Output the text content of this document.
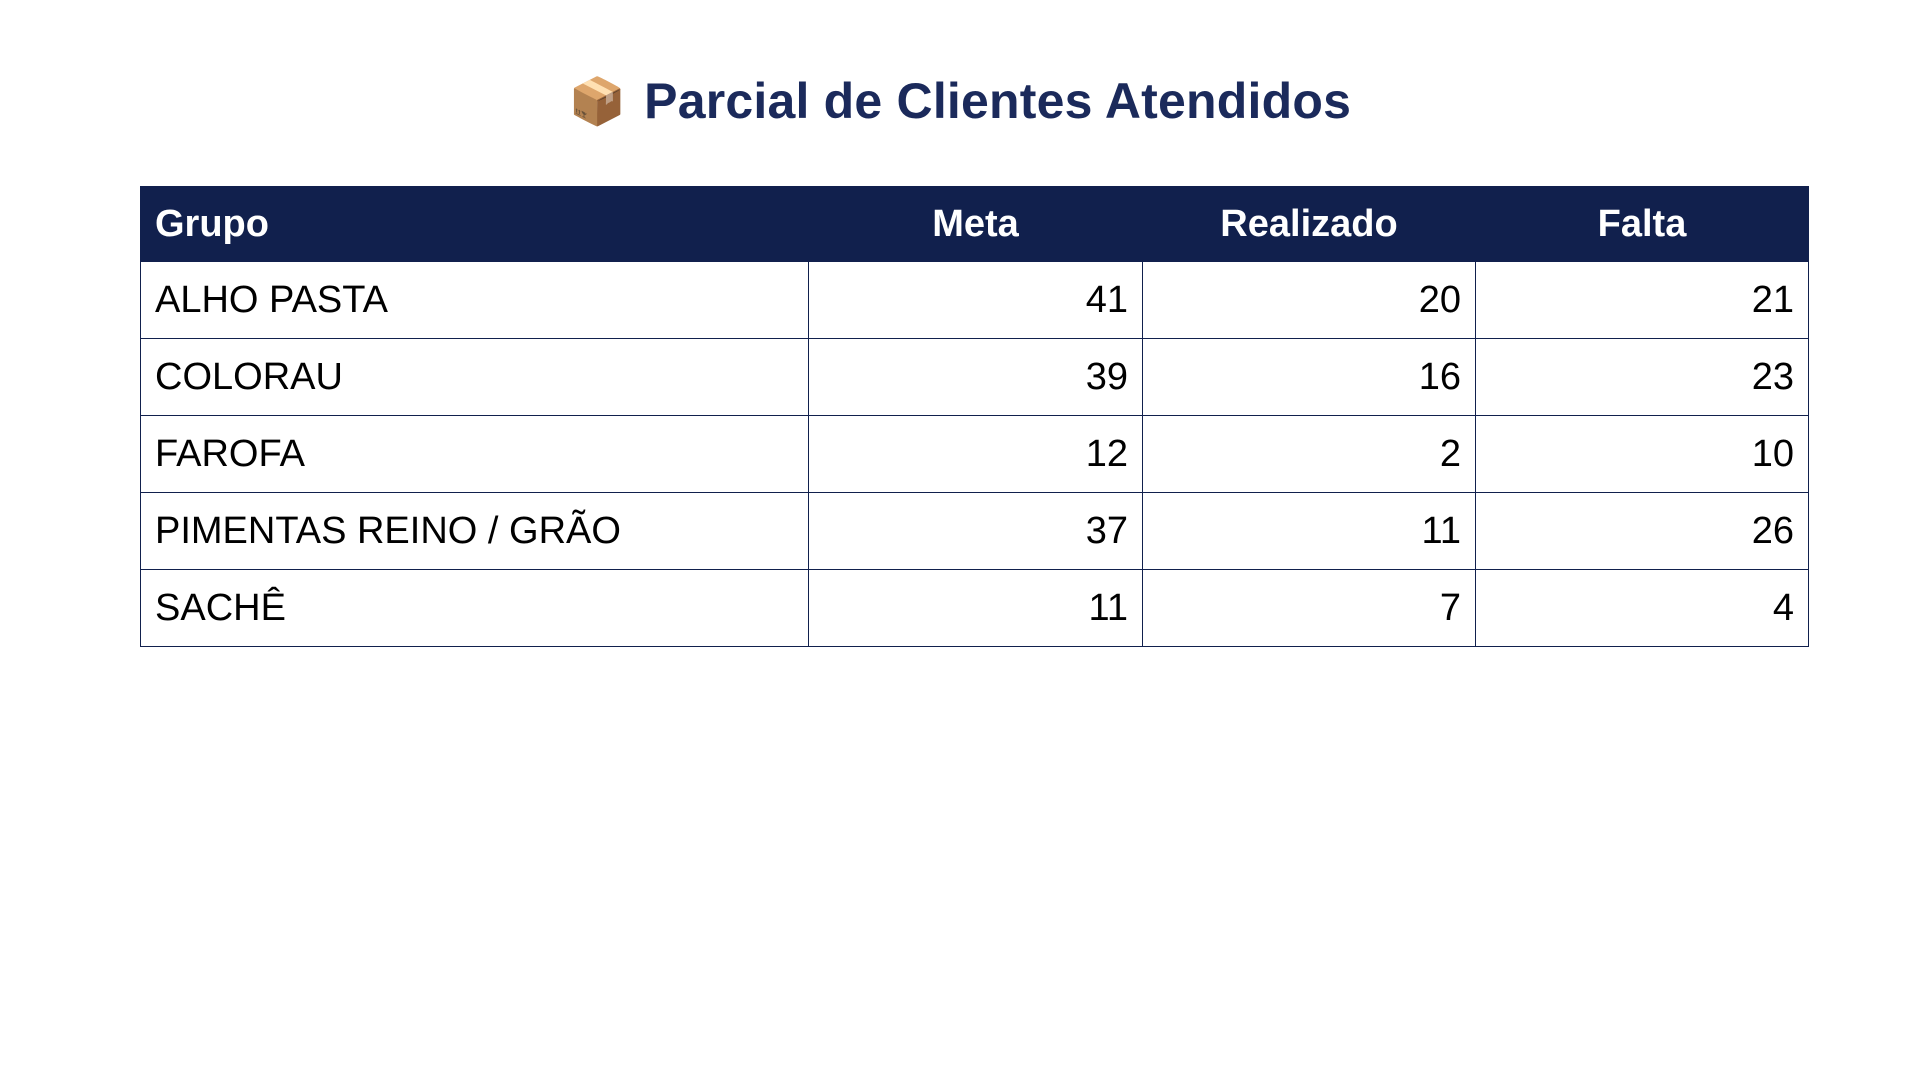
📦 Parcial de Clientes Atendidos
Grupo	Meta	Realizado	Falta
ALHO PASTA	41	20	21
COLORAU	39	16	23
FAROFA	12	2	10
PIMENTAS REINO / GRÃO	37	11	26
SACHÊ	11	7	4
